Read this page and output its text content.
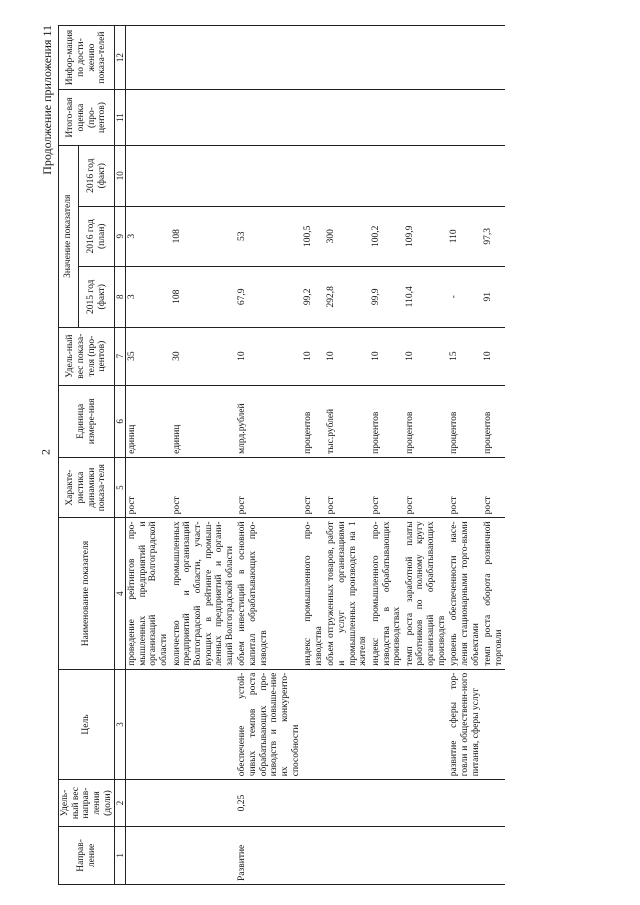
2
Продолжение приложения 11
Направ-ление	Удель-ный вес направ-ления (доли)	Цель	Наименование показателя	Характе-ристика динамики показа-теля	Единица измере-ния	Удель-ный вес показа-теля (про-центов)	Значение показателя			Итого-вая оценка (про-центов)	Инфор-мация по дости-жению показа-телей
							2015 год (факт)	2016 год (план)	2016 год (факт)		
1	2	3	4	5	6	7	8	9	10	11	12
			проведение рейтингов про-мышленных предприятий и организаций Волгоградской области	рост	единиц	35	3	3			
			количество промышленных предприятий и организаций Волгоградской области, участ-вующих в рейтинге промыш-ленных предприятий и органи-заций Волгоградской области	рост	единиц	30	108	108			
Развитие	0,25	обеспечение устой-чивых темпов роста обрабатывающих про-изводств и повыше-ние их конкуренто-способности	объем инвестиций в основной капитал обрабатывающих про-изводств	рост	млрд.рублей	10	67,9	53			
			индекс промышленного про-изводства	рост	процентов	10	99,2	100,5			
			объем отгруженных товаров, работ и услуг организациями промышленных производств на 1 жителя	рост	тыс.рублей	10	292,8	300			
			индекс промышленного про-изводства в обрабатывающих производствах	рост	процентов	10	99,9	100,2			
			темп роста заработной платы работников по полному кругу организаций обрабатывающих производств	рост	процентов	10	110,4	109,9			
		развитие сферы тор-говли и общественн-ного питания, сферы услуг	уровень обеспеченности насе-ления стационарными торго-выми объектами	рост	процентов	15	-	110			
			темп роста оборота розничной торговли	рост	процентов	10	91	97,3			
